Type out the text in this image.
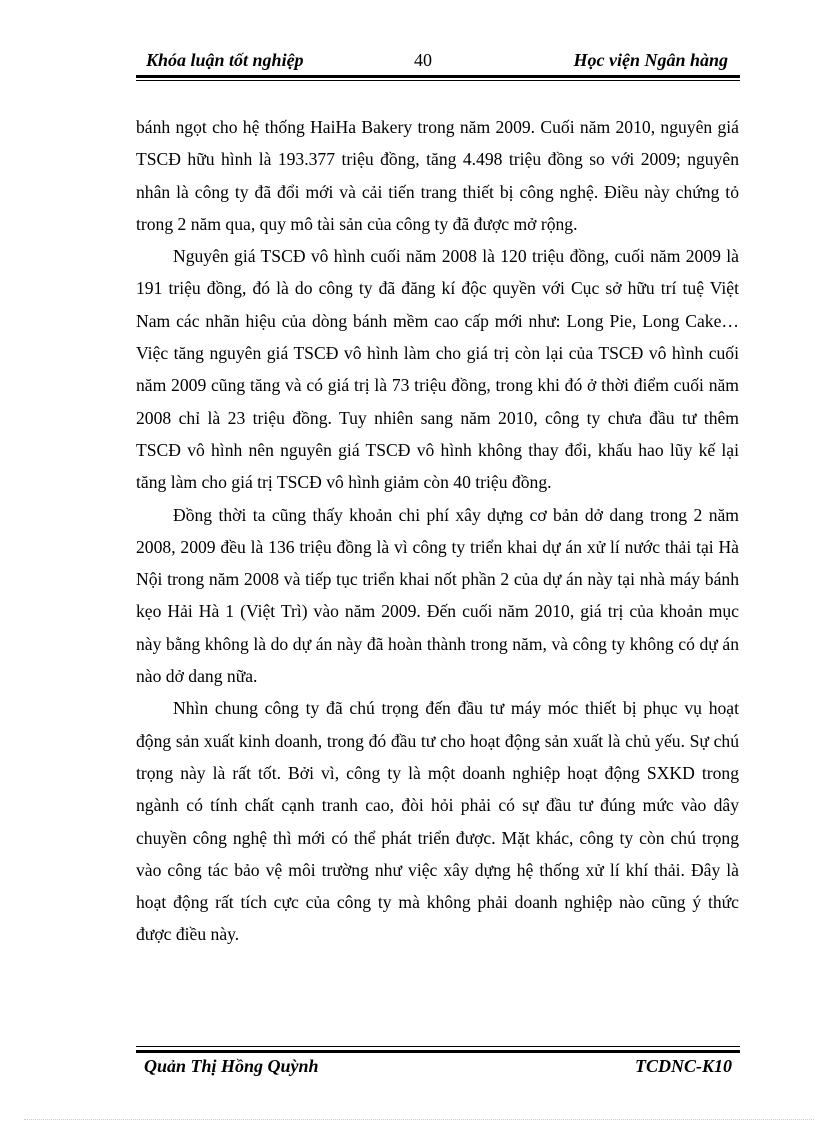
Khóa luận tốt nghiệp	40	Học viện Ngân hàng

bánh ngọt cho hệ thống HaiHa Bakery trong năm 2009. Cuối năm 2010, nguyên giá TSCĐ hữu hình là 193.377 triệu đồng, tăng 4.498 triệu đồng so với 2009; nguyên nhân là công ty đã đổi mới và cải tiến trang thiết bị công nghệ. Điều này chứng tỏ trong 2 năm qua, quy mô tài sản của công ty đã được mở rộng.

Nguyên giá TSCĐ vô hình cuối năm 2008 là 120 triệu đồng, cuối năm 2009 là 191 triệu đồng, đó là do công ty đã đăng kí độc quyền với Cục sở hữu trí tuệ Việt Nam các nhãn hiệu của dòng bánh mềm cao cấp mới như: Long Pie, Long Cake…Việc tăng nguyên giá TSCĐ vô hình làm cho giá trị còn lại của TSCĐ vô hình cuối năm 2009 cũng tăng và có giá trị là 73 triệu đồng, trong khi đó ở thời điểm cuối năm 2008 chỉ là 23 triệu đồng. Tuy nhiên sang năm 2010, công ty chưa đầu tư thêm TSCĐ vô hình nên nguyên giá TSCĐ vô hình không thay đổi, khấu hao lũy kế lại tăng làm cho giá trị TSCĐ vô hình giảm còn 40 triệu đồng.

Đồng thời ta cũng thấy khoản chi phí xây dựng cơ bản dở dang trong 2 năm 2008, 2009 đều là 136 triệu đồng là vì công ty triển khai dự án xử lí nước thải tại Hà Nội trong năm 2008 và tiếp tục triển khai nốt phần 2 của dự án này tại nhà máy bánh kẹo Hải Hà 1 (Việt Trì) vào năm 2009. Đến cuối năm 2010, giá trị của khoản mục này bằng không là do dự án này đã hoàn thành trong năm, và công ty không có dự án nào dở dang nữa.

Nhìn chung công ty đã chú trọng đến đầu tư máy móc thiết bị phục vụ hoạt động sản xuất kinh doanh, trong đó đầu tư cho hoạt động sản xuất là chủ yếu. Sự chú trọng này là rất tốt. Bởi vì, công ty là một doanh nghiệp hoạt động SXKD trong ngành có tính chất cạnh tranh cao, đòi hỏi phải có sự đầu tư đúng mức vào dây chuyền công nghệ thì mới có thể phát triển được. Mặt khác, công ty còn chú trọng vào công tác bảo vệ môi trường như việc xây dựng hệ thống xử lí khí thải. Đây là hoạt động rất tích cực của công ty mà không phải doanh nghiệp nào cũng ý thức được điều này.

Quản Thị Hồng Quỳnh	TCDNC-K10
